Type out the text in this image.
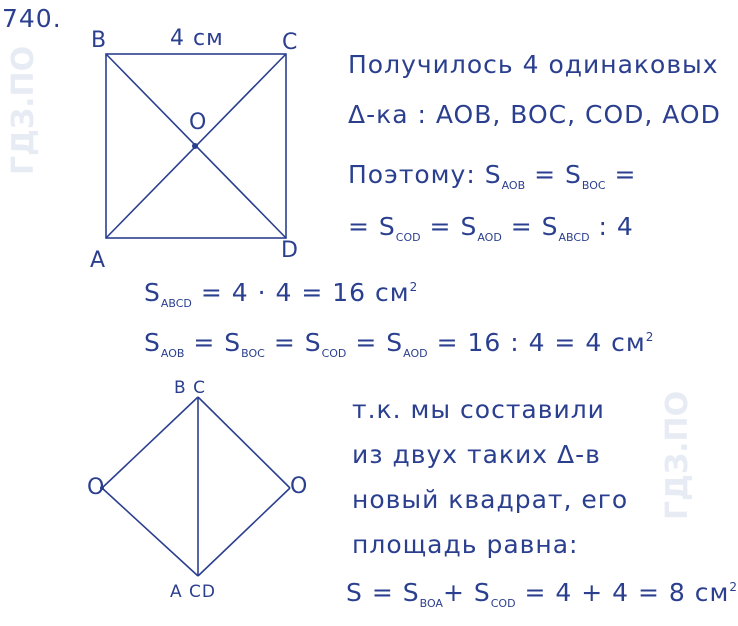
ГДЗ.ПО
ГДЗ.ПО
740.
B	4 см	C
O
A	D
B C
O	O
A CD
Получилось 4 одинаковых
Δ-ка : AOB, BOC, COD, AOD
Поэтому: $S_{AOB} = S_{BOC}$ =
= $S_{COD} = S_{AOD} = S_{ABCD}$ : 4
$S_{ABCD} = 4 \cdot 4 = 16$ $см^2$
$S_{AOB} = S_{BOC} = S_{COD} = S_{AOD} = 16$ : 4 = 4 $см^2$
т.к. мы составили
из двух таких Δ-в
новый квадрат, его
площадь равна:
$S = S_{BOA}+ S_{COD} = 4 + 4 = 8$ $см^2$
